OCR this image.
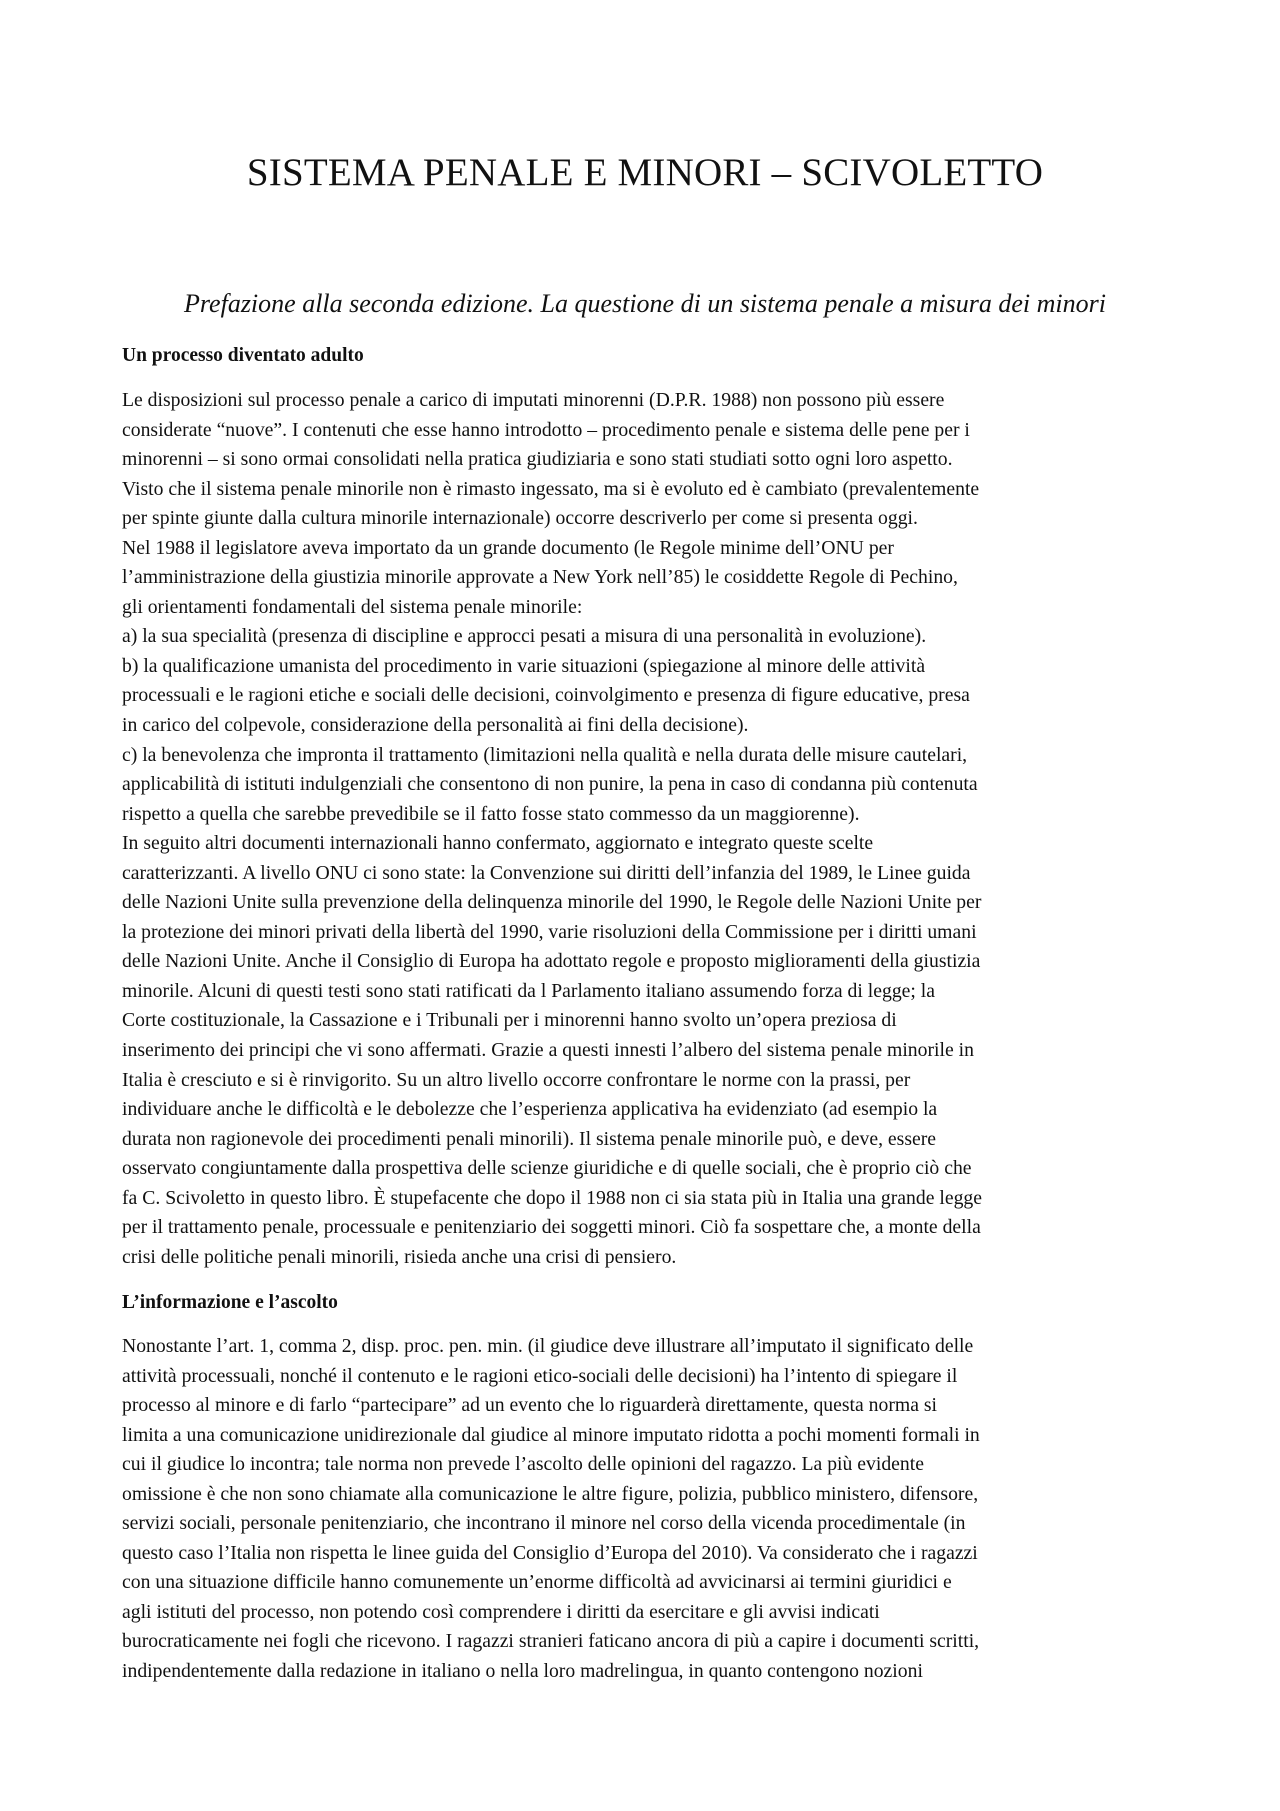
SISTEMA PENALE E MINORI – SCIVOLETTO
Prefazione alla seconda edizione. La questione di un sistema penale a misura dei minori
Un processo diventato adulto
Le disposizioni sul processo penale a carico di imputati minorenni (D.P.R. 1988) non possono più essere
considerate “nuove”. I contenuti che esse hanno introdotto – procedimento penale e sistema delle pene per i
minorenni – si sono ormai consolidati nella pratica giudiziaria e sono stati studiati sotto ogni loro aspetto.
Visto che il sistema penale minorile non è rimasto ingessato, ma si è evoluto ed è cambiato (prevalentemente
per spinte giunte dalla cultura minorile internazionale) occorre descriverlo per come si presenta oggi.
Nel 1988 il legislatore aveva importato da un grande documento (le Regole minime dell’ONU per
l’amministrazione della giustizia minorile approvate a New York nell’85) le cosiddette Regole di Pechino,
gli orientamenti fondamentali del sistema penale minorile:
a) la sua specialità (presenza di discipline e approcci pesati a misura di una personalità in evoluzione).
b) la qualificazione umanista del procedimento in varie situazioni (spiegazione al minore delle attività
processuali e le ragioni etiche e sociali delle decisioni, coinvolgimento e presenza di figure educative, presa
in carico del colpevole, considerazione della personalità ai fini della decisione).
c) la benevolenza che impronta il trattamento (limitazioni nella qualità e nella durata delle misure cautelari,
applicabilità di istituti indulgenziali che consentono di non punire, la pena in caso di condanna più contenuta
rispetto a quella che sarebbe prevedibile se il fatto fosse stato commesso da un maggiorenne).
In seguito altri documenti internazionali hanno confermato, aggiornato e integrato queste scelte
caratterizzanti. A livello ONU ci sono state: la Convenzione sui diritti dell’infanzia del 1989, le Linee guida
delle Nazioni Unite sulla prevenzione della delinquenza minorile del 1990, le Regole delle Nazioni Unite per
la protezione dei minori privati della libertà del 1990, varie risoluzioni della Commissione per i diritti umani
delle Nazioni Unite. Anche il Consiglio di Europa ha adottato regole e proposto miglioramenti della giustizia
minorile. Alcuni di questi testi sono stati ratificati da l Parlamento italiano assumendo forza di legge; la
Corte costituzionale, la Cassazione e i Tribunali per i minorenni hanno svolto un’opera preziosa di
inserimento dei principi che vi sono affermati. Grazie a questi innesti l’albero del sistema penale minorile in
Italia è cresciuto e si è rinvigorito. Su un altro livello occorre confrontare le norme con la prassi, per
individuare anche le difficoltà e le debolezze che l’esperienza applicativa ha evidenziato (ad esempio la
durata non ragionevole dei procedimenti penali minorili). Il sistema penale minorile può, e deve, essere
osservato congiuntamente dalla prospettiva delle scienze giuridiche e di quelle sociali, che è proprio ciò che
fa C. Scivoletto in questo libro. È stupefacente che dopo il 1988 non ci sia stata più in Italia una grande legge
per il trattamento penale, processuale e penitenziario dei soggetti minori. Ciò fa sospettare che, a monte della
crisi delle politiche penali minorili, risieda anche una crisi di pensiero.
L’informazione e l’ascolto
Nonostante l’art. 1, comma 2, disp. proc. pen. min. (il giudice deve illustrare all’imputato il significato delle
attività processuali, nonché il contenuto e le ragioni etico-sociali delle decisioni) ha l’intento di spiegare il
processo al minore e di farlo “partecipare” ad un evento che lo riguarderà direttamente, questa norma si
limita a una comunicazione unidirezionale dal giudice al minore imputato ridotta a pochi momenti formali in
cui il giudice lo incontra; tale norma non prevede l’ascolto delle opinioni del ragazzo. La più evidente
omissione è che non sono chiamate alla comunicazione le altre figure, polizia, pubblico ministero, difensore,
servizi sociali, personale penitenziario, che incontrano il minore nel corso della vicenda procedimentale (in
questo caso l’Italia non rispetta le linee guida del Consiglio d’Europa del 2010). Va considerato che i ragazzi
con una situazione difficile hanno comunemente un’enorme difficoltà ad avvicinarsi ai termini giuridici e
agli istituti del processo, non potendo così comprendere i diritti da esercitare e gli avvisi indicati
burocraticamente nei fogli che ricevono. I ragazzi stranieri faticano ancora di più a capire i documenti scritti,
indipendentemente dalla redazione in italiano o nella loro madrelingua, in quanto contengono nozioni
